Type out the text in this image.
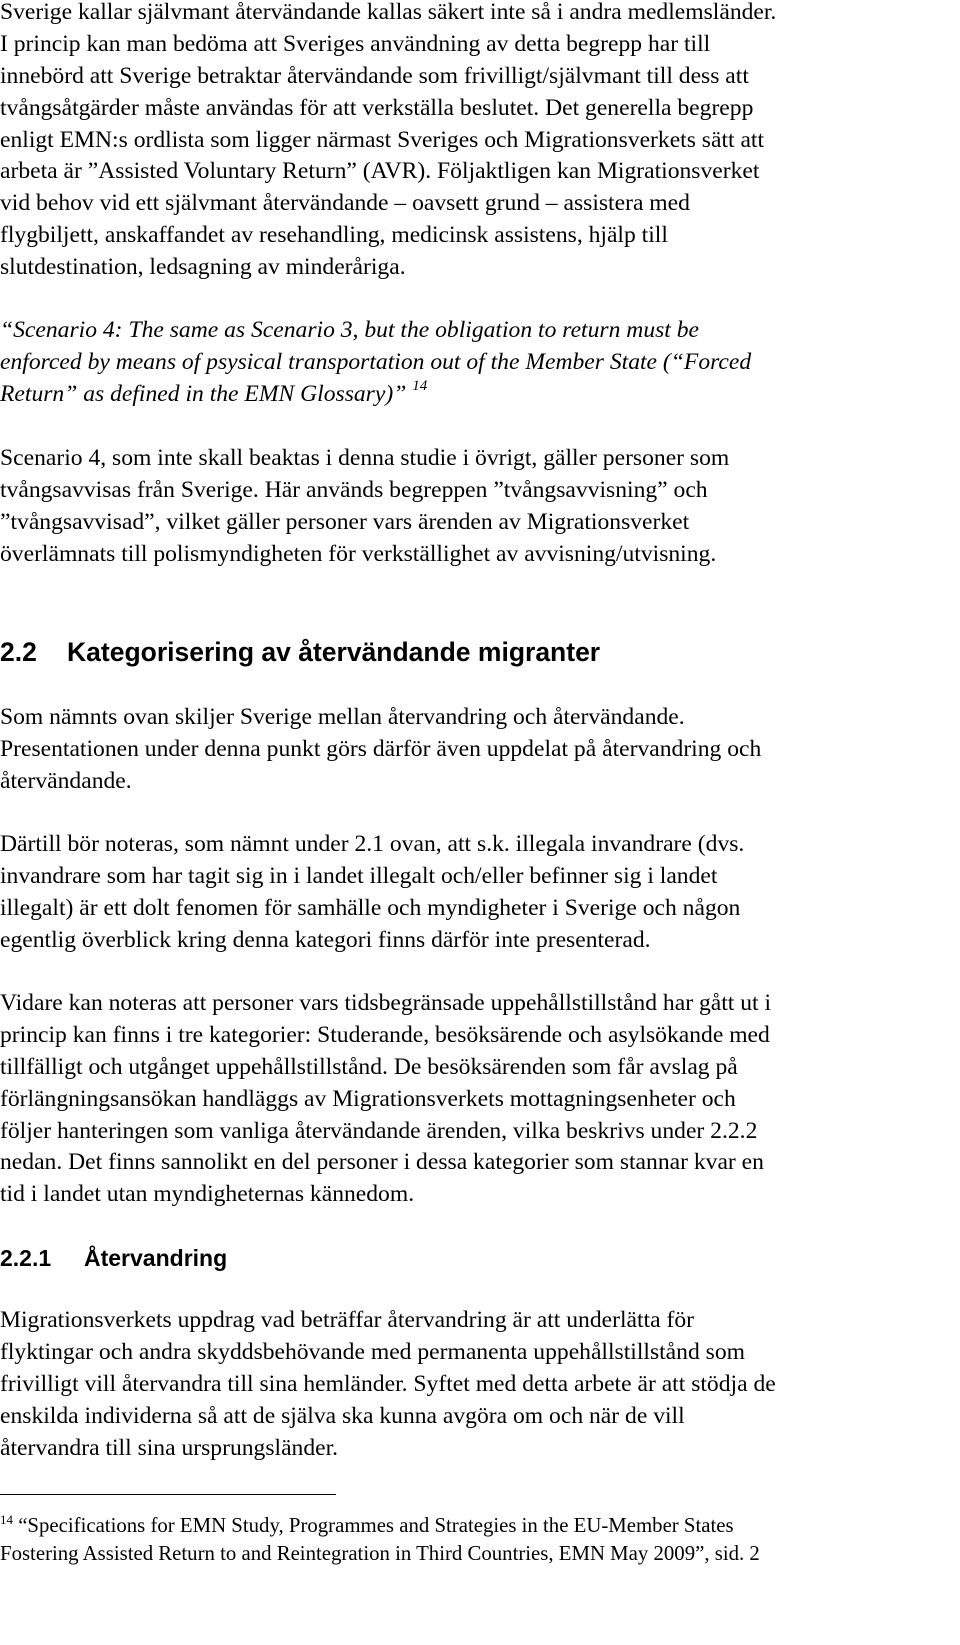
Sverige kallar självmant återvändande kallas säkert inte så i andra medlemsländer.
I princip kan man bedöma att Sveriges användning av detta begrepp har till
innebörd att Sverige betraktar återvändande som frivilligt/självmant till dess att
tvångsåtgärder måste användas för att verkställa beslutet. Det generella begrepp
enligt EMN:s ordlista som ligger närmast Sveriges och Migrationsverkets sätt att
arbeta är ”Assisted Voluntary Return” (AVR). Följaktligen kan Migrationsverket
vid behov vid ett självmant återvändande – oavsett grund – assistera med
flygbiljett, anskaffandet av resehandling, medicinsk assistens, hjälp till
slutdestination, ledsagning av minderåriga.
“Scenario 4: The same as Scenario 3, but the obligation to return must be
enforced by means of psysical transportation out of the Member State (“Forced
Return” as defined in the EMN Glossary)” $^{14}$
Scenario 4, som inte skall beaktas i denna studie i övrigt, gäller personer som
tvångsavvisas från Sverige. Här används begreppen ”tvångsavvisning” och
”tvångsavvisad”, vilket gäller personer vars ärenden av Migrationsverket
överlämnats till polismyndigheten för verkställighet av avvisning/utvisning.
2.2 Kategorisering av återvändande migranter
Som nämnts ovan skiljer Sverige mellan återvandring och återvändande.
Presentationen under denna punkt görs därför även uppdelat på återvandring och
återvändande.
Därtill bör noteras, som nämnt under 2.1 ovan, att s.k. illegala invandrare (dvs.
invandrare som har tagit sig in i landet illegalt och/eller befinner sig i landet
illegalt) är ett dolt fenomen för samhälle och myndigheter i Sverige och någon
egentlig överblick kring denna kategori finns därför inte presenterad.
Vidare kan noteras att personer vars tidsbegränsade uppehållstillstånd har gått ut i
princip kan finns i tre kategorier: Studerande, besöksärende och asylsökande med
tillfälligt och utgånget uppehållstillstånd. De besöksärenden som får avslag på
förlängningsansökan handläggs av Migrationsverkets mottagningsenheter och
följer hanteringen som vanliga återvändande ärenden, vilka beskrivs under 2.2.2
nedan. Det finns sannolikt en del personer i dessa kategorier som stannar kvar en
tid i landet utan myndigheternas kännedom.
2.2.1 Återvandring
Migrationsverkets uppdrag vad beträffar återvandring är att underlätta för
flyktingar och andra skyddsbehövande med permanenta uppehållstillstånd som
frivilligt vill återvandra till sina hemländer. Syftet med detta arbete är att stödja de
enskilda individerna så att de själva ska kunna avgöra om och när de vill
återvandra till sina ursprungsländer.
$^{14}$ “Specifications for EMN Study, Programmes and Strategies in the EU-Member States
Fostering Assisted Return to and Reintegration in Third Countries, EMN May 2009”, sid. 2
